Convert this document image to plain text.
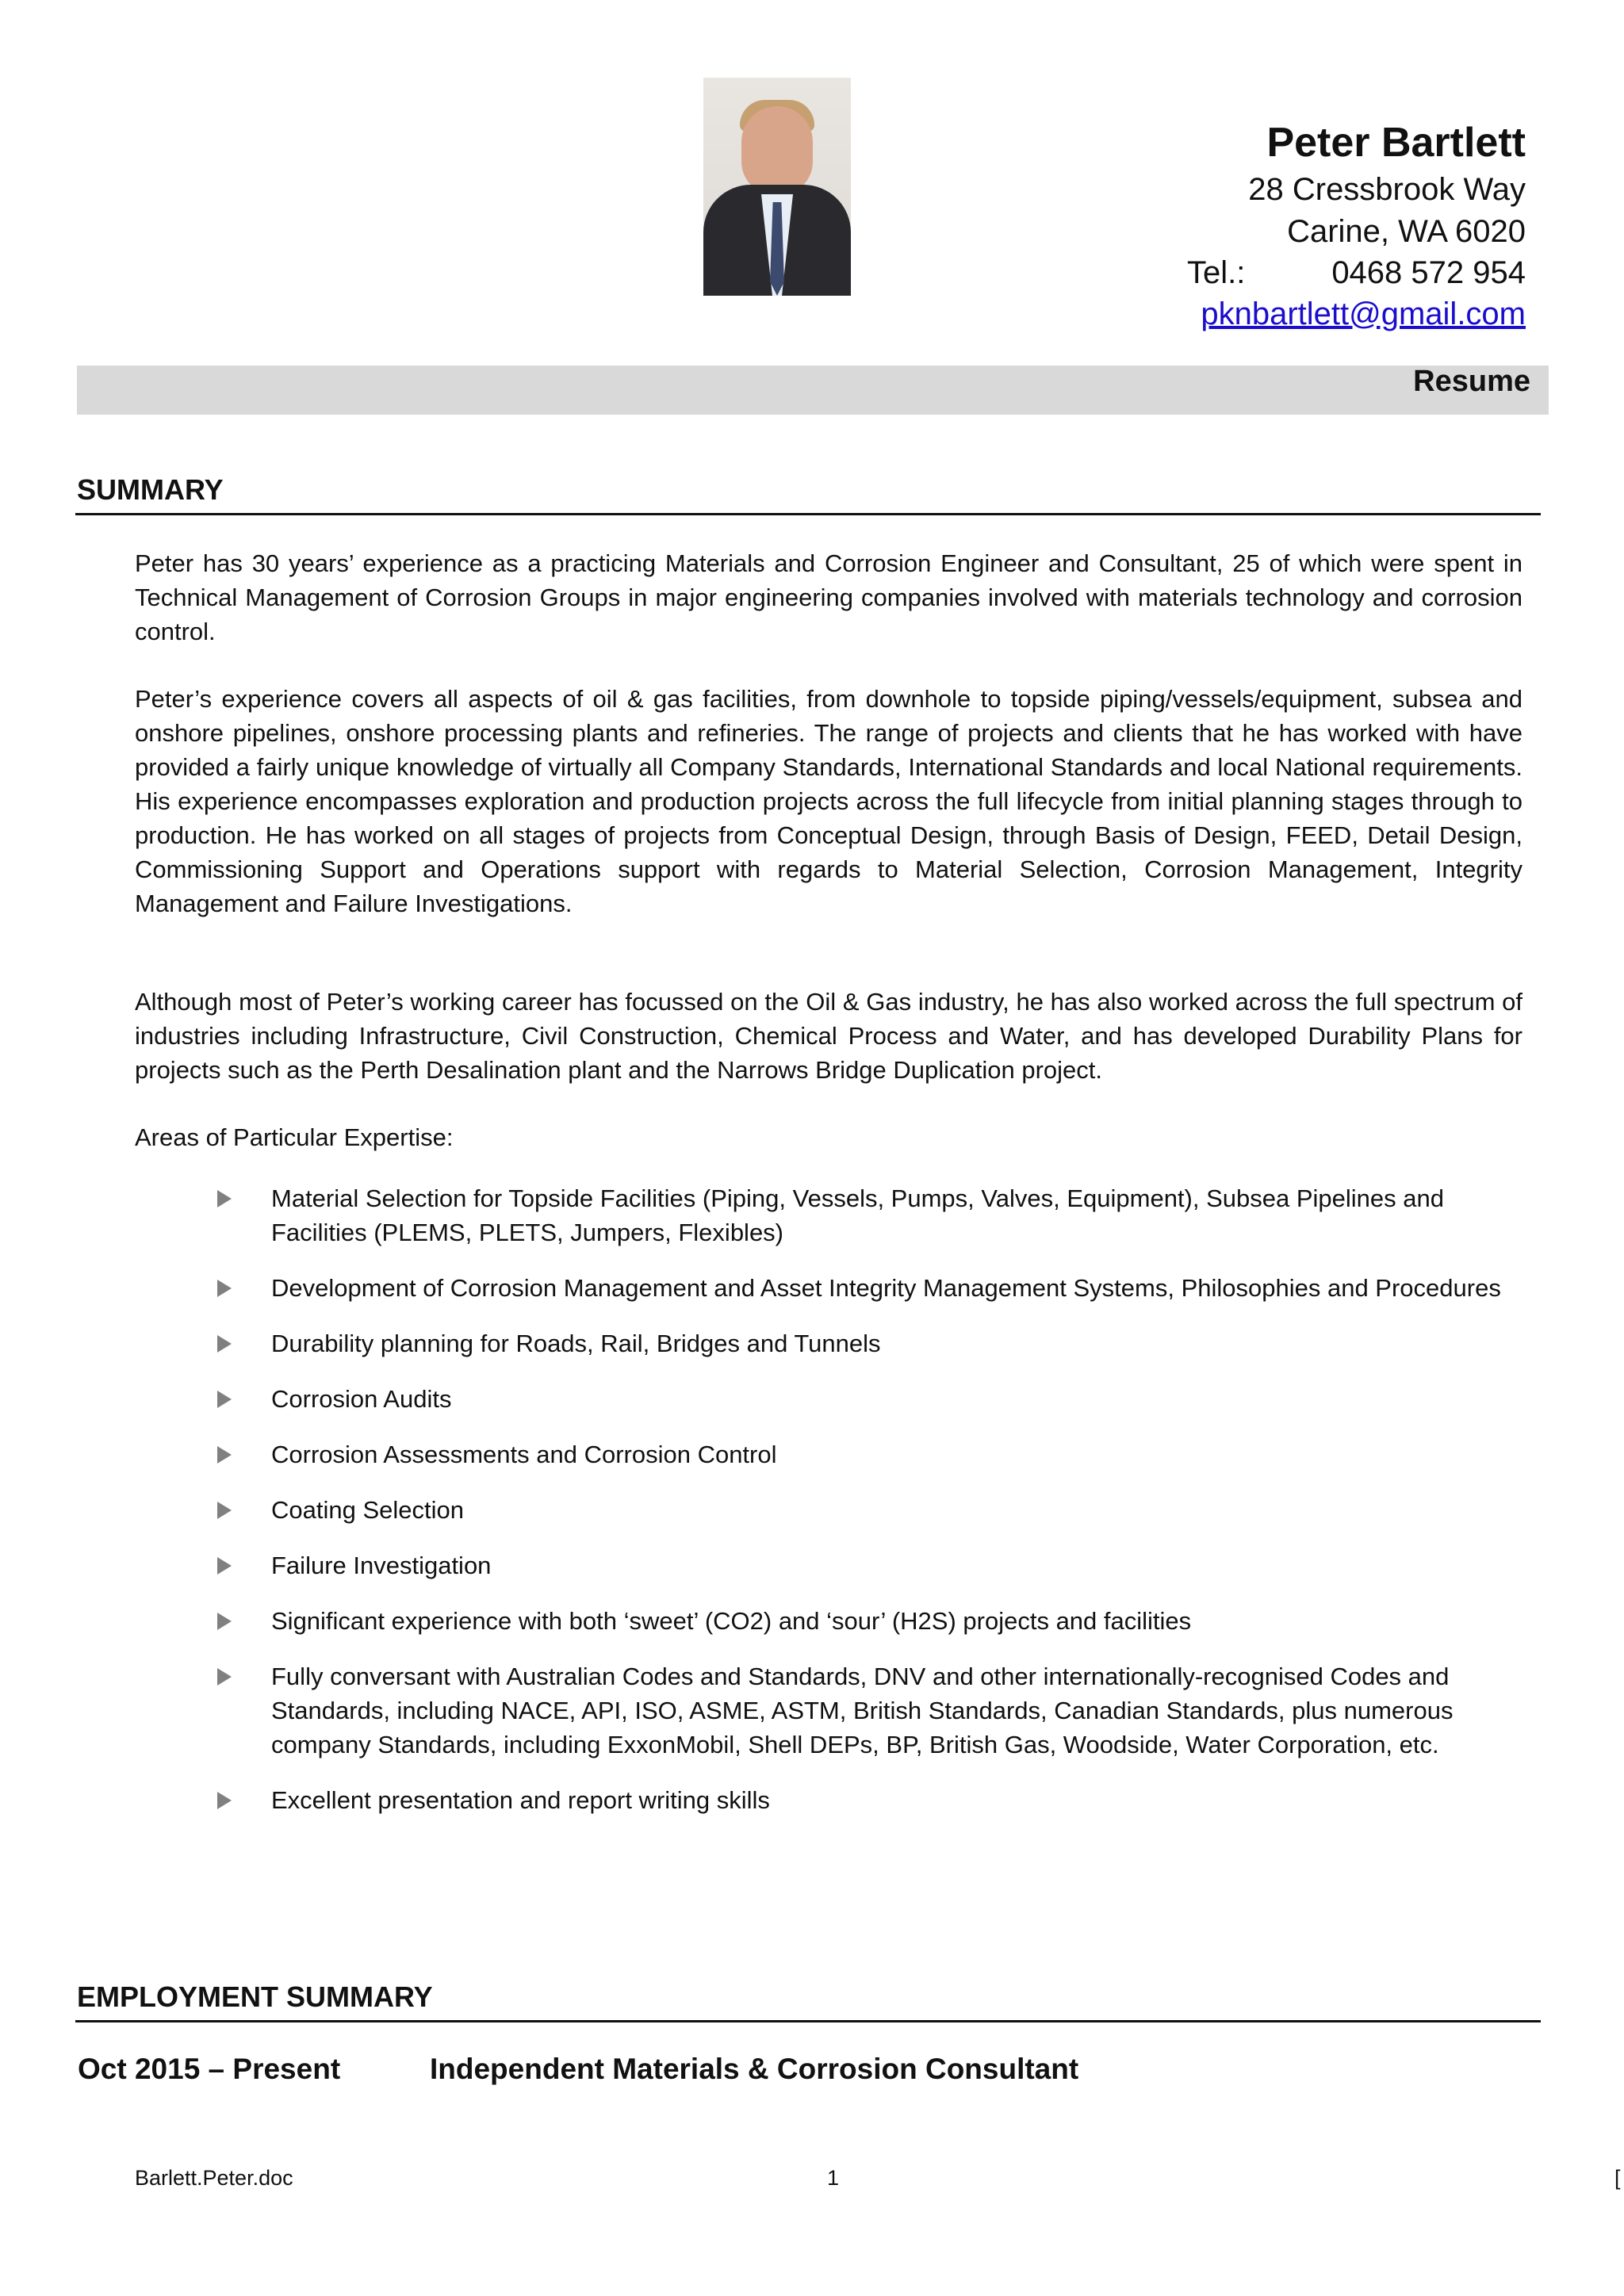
Peter Bartlett
28 Cressbrook Way
Carine, WA 6020
Tel.:	0468 572 954
pknbartlett@gmail.com
Resume
SUMMARY
Peter has 30 years’ experience as a practicing Materials and Corrosion Engineer and Consultant, 25 of which were spent in Technical Management of Corrosion Groups in major engineering companies involved with materials technology and corrosion control.
Peter’s experience covers all aspects of oil & gas facilities, from downhole to topside piping/vessels/equipment, subsea and onshore pipelines, onshore processing plants and refineries. The range of projects and clients that he has worked with have provided a fairly unique knowledge of virtually all Company Standards, International Standards and local National requirements. His experience encompasses exploration and production projects across the full lifecycle from initial planning stages through to production. He has worked on all stages of projects from Conceptual Design, through Basis of Design, FEED, Detail Design, Commissioning Support and Operations support with regards to Material Selection, Corrosion Management, Integrity Management and Failure Investigations.
Although most of Peter’s working career has focussed on the Oil & Gas industry, he has also worked across the full spectrum of industries including Infrastructure, Civil Construction, Chemical Process and Water, and has developed Durability Plans for projects such as the Perth Desalination plant and the Narrows Bridge Duplication project.
Areas of Particular Expertise:
Material Selection for Topside Facilities (Piping, Vessels, Pumps, Valves, Equipment), Subsea Pipelines and Facilities (PLEMS, PLETS, Jumpers, Flexibles)
Development of Corrosion Management and Asset Integrity Management Systems, Philosophies and Procedures
Durability planning for Roads, Rail, Bridges and Tunnels
Corrosion Audits
Corrosion Assessments and Corrosion Control
Coating Selection
Failure Investigation
Significant experience with both ‘sweet’ (CO2) and ‘sour’ (H2S) projects and facilities
Fully conversant with Australian Codes and Standards, DNV and other internationally-recognised Codes and Standards, including NACE, API, ISO, ASME, ASTM, British Standards, Canadian Standards, plus numerous company Standards, including ExxonMobil, Shell DEPs, BP, British Gas, Woodside, Water Corporation, etc.
Excellent presentation and report writing skills
EMPLOYMENT SUMMARY
Oct 2015 – Present	Independent Materials & Corrosion Consultant
Barlett.Peter.doc	1	[
